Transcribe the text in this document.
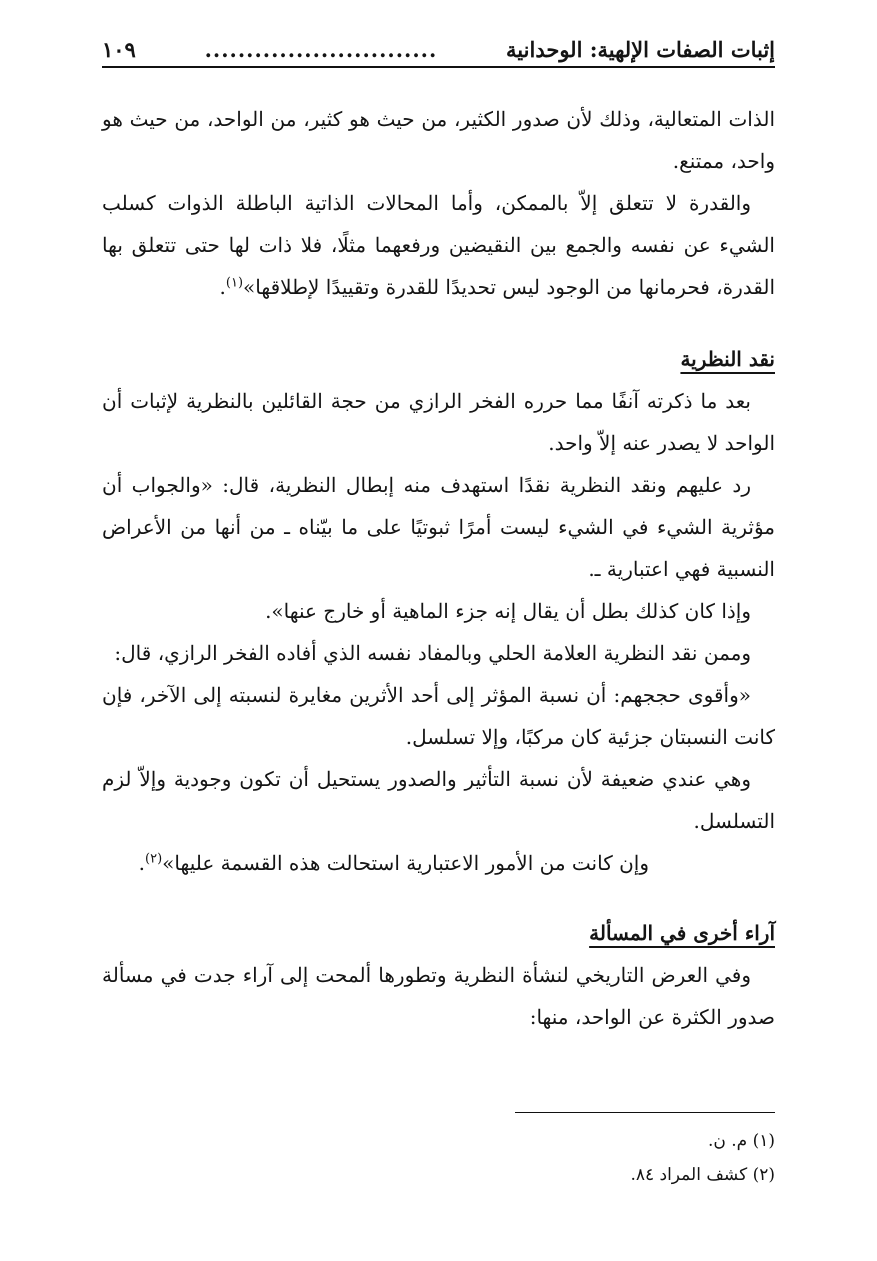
إثبات الصفات الإلهية: الوحدانية
............................
١٠٩

الذات المتعالية، وذلك لأن صدور الكثير، من حيث هو كثير، من الواحد، من حيث هو واحد، ممتنع.

والقدرة لا تتعلق إلاّ بالممكن، وأما المحالات الذاتية الباطلة الذوات كسلب الشيء عن نفسه والجمع بين النقيضين ورفعهما مثلًا، فلا ذات لها حتى تتعلق بها القدرة، فحرمانها من الوجود ليس تحديدًا للقدرة وتقييدًا لإطلاقها»$^{(١)}$.

نقد النظرية

بعد ما ذكرته آنفًا مما حرره الفخر الرازي من حجة القائلين بالنظرية لإثبات أن الواحد لا يصدر عنه إلاّ واحد.

رد عليهم ونقد النظرية نقدًا استهدف منه إبطال النظرية، قال: «والجواب أن مؤثرية الشيء في الشيء ليست أمرًا ثبوتيًا على ما بيّناه ـ من أنها من الأعراض النسبية فهي اعتبارية ـ.

وإذا كان كذلك بطل أن يقال إنه جزء الماهية أو خارج عنها».

وممن نقد النظرية العلامة الحلي وبالمفاد نفسه الذي أفاده الفخر الرازي، قال:

«وأقوى حججهم: أن نسبة المؤثر إلى أحد الأثرين مغايرة لنسبته إلى الآخر، فإن كانت النسبتان جزئية كان مركبًا، وإلا تسلسل.

وهي عندي ضعيفة لأن نسبة التأثير والصدور يستحيل أن تكون وجودية وإلاّ لزم التسلسل.

وإن كانت من الأمور الاعتبارية استحالت هذه القسمة عليها»$^{(٢)}$.

آراء أخرى في المسألة

وفي العرض التاريخي لنشأة النظرية وتطورها ألمحت إلى آراء جدت في مسألة صدور الكثرة عن الواحد، منها:

(١) م. ن.

(٢) كشف المراد ٨٤.
